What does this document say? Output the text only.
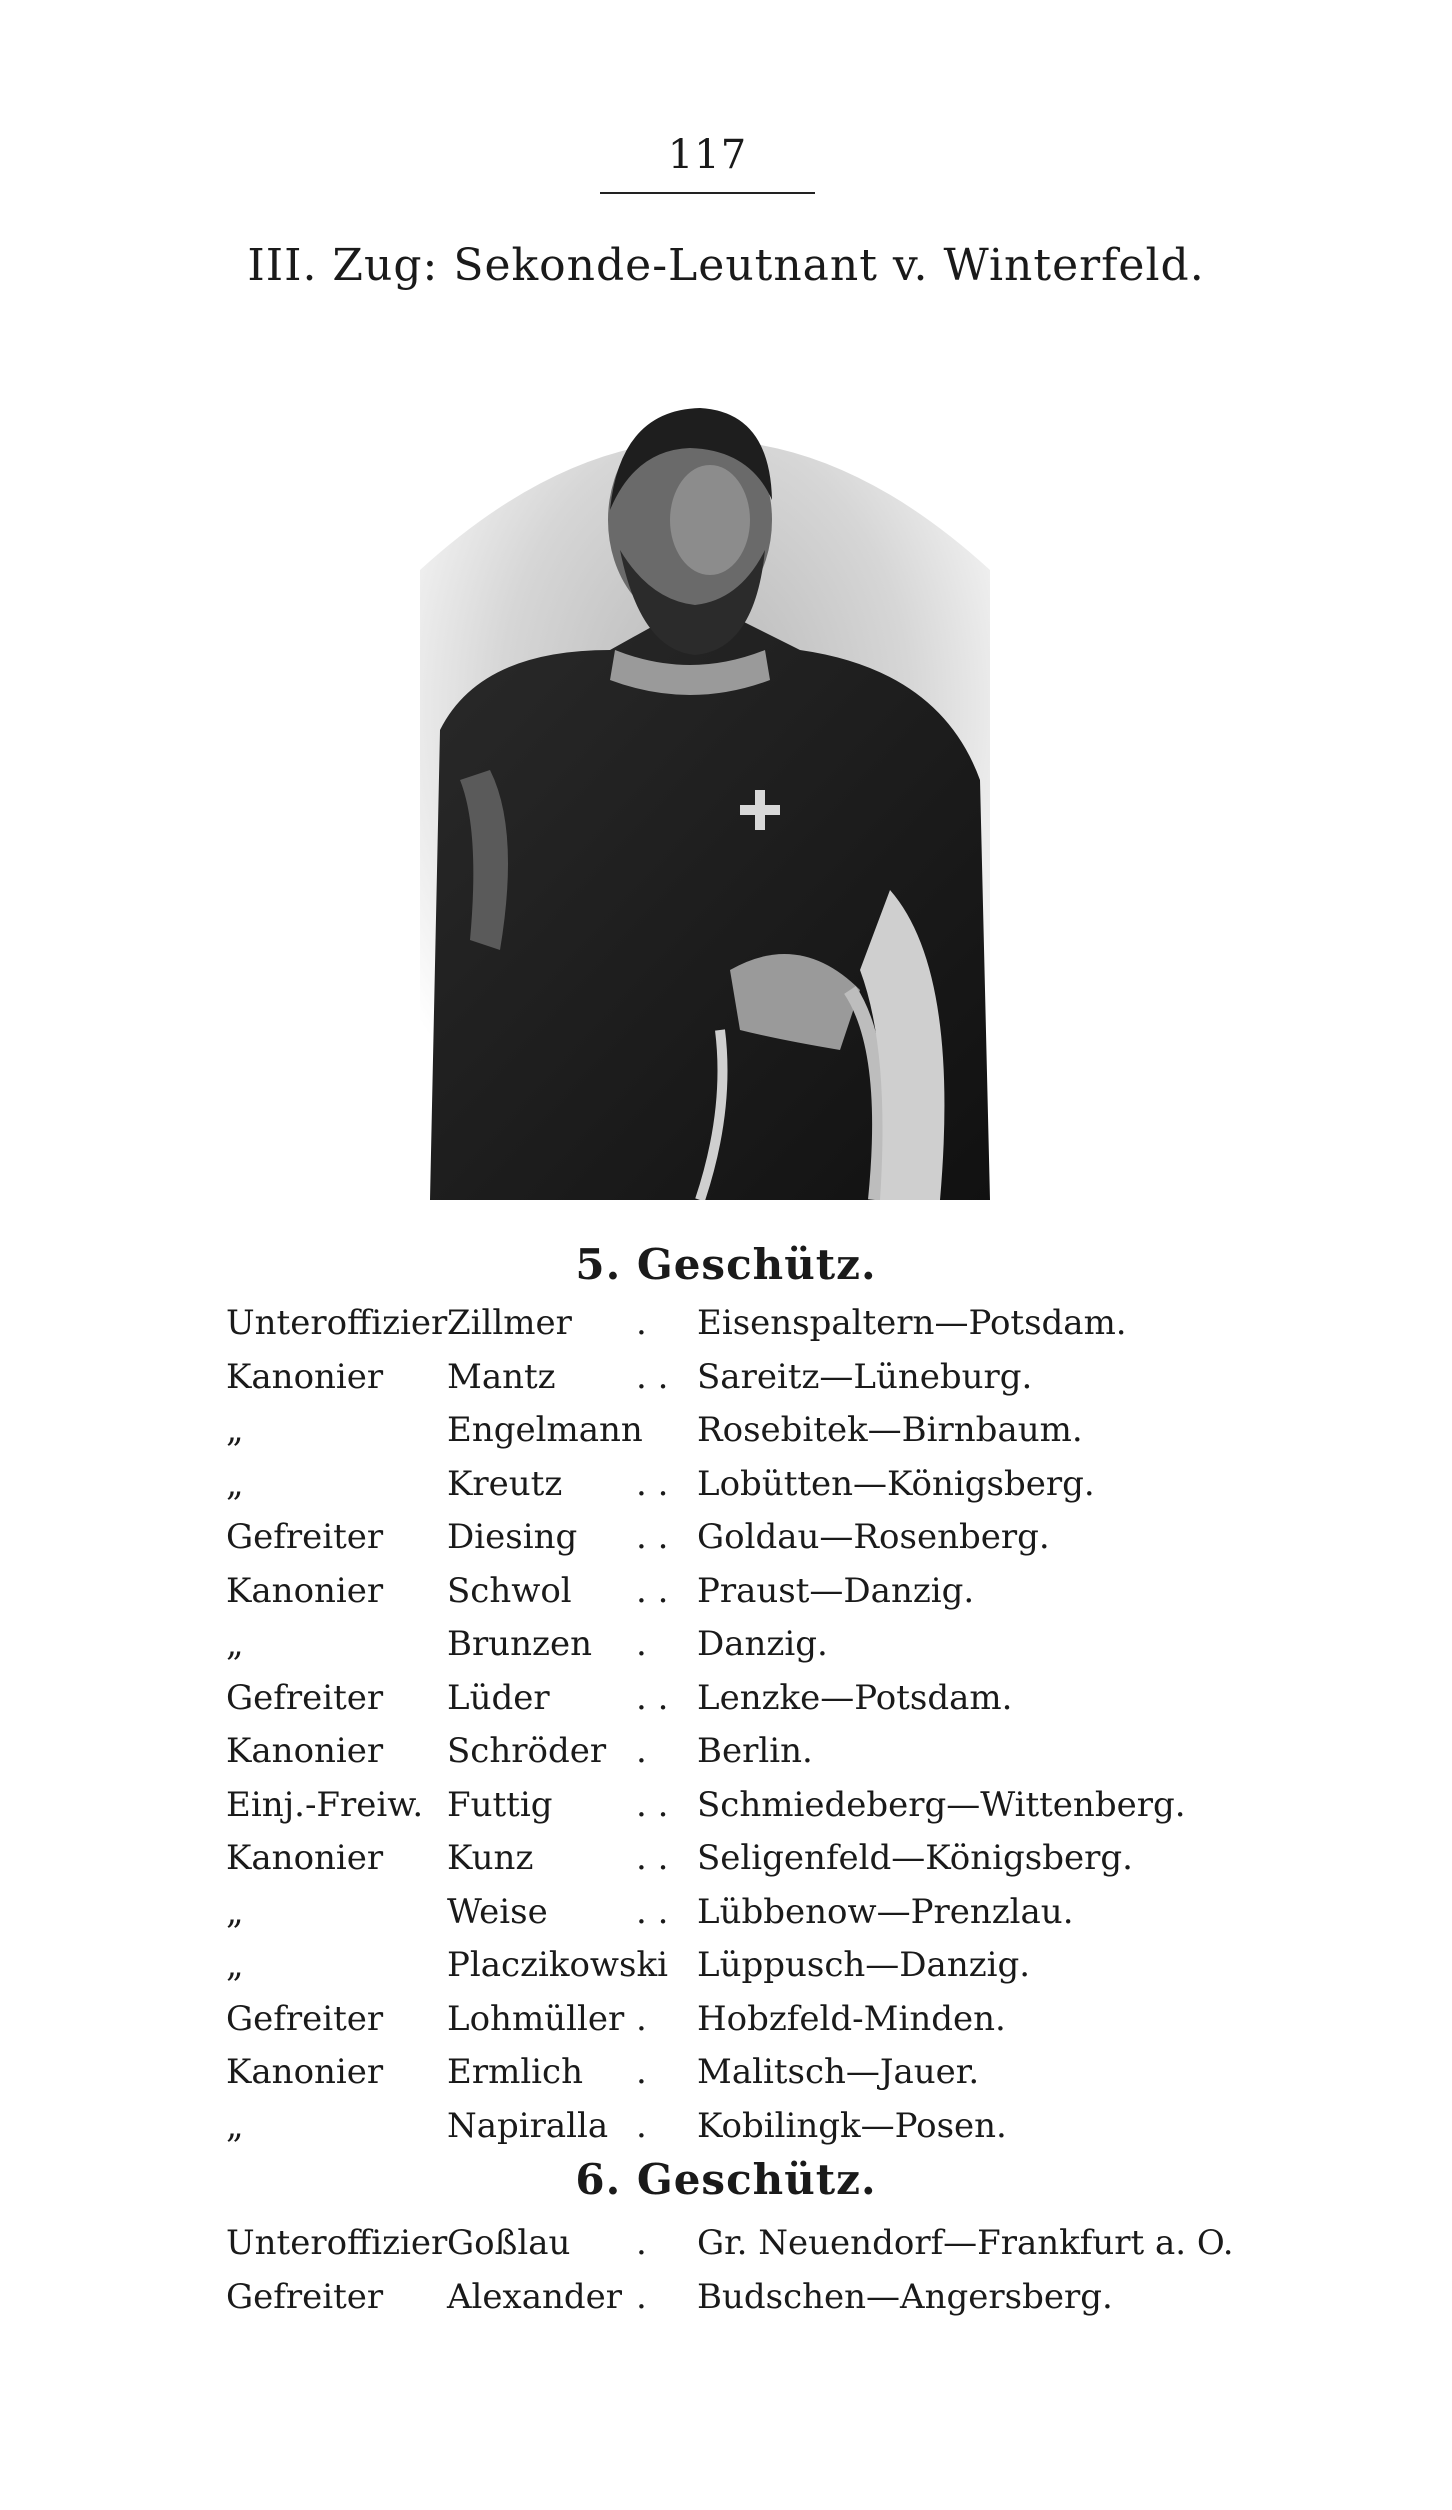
117
III. Zug: Sekonde-Leutnant v. Winterfeld.
5. Geschütz.
Unteroffizier Zillmer . Eisenspaltern—Potsdam.
Kanonier Mantz . . Sareitz—Lüneburg.
„	Engelmann Rosebitek—Birnbaum.
„	Kreutz . . Lobütten—Königsberg.
Gefreiter Diesing . . Goldau—Rosenberg.
Kanonier Schwol . . Praust—Danzig.
„	Brunzen . Danzig.
Gefreiter Lüder	. . Lenzke—Potsdam.
Kanonier Schröder . Berlin.
Einj.-Freiw. Futtig . . Schmiedeberg—Wittenberg.
Kanonier Kunz	. . Seligenfeld—Königsberg.
„	Weise	. . Lübbenow—Prenzlau.
„	Placzikowski Lüppusch—Danzig.
Gefreiter Lohmüller . Hobzfeld-Minden.
Kanonier Ermlich . Malitsch—Jauer.
„	Napiralla . Kobilingk—Posen.
6. Geschütz.
Unteroffizier Goßlau . Gr. Neuendorf—Frankfurt a. O.
Gefreiter Alexander . Budschen—Angersberg.
